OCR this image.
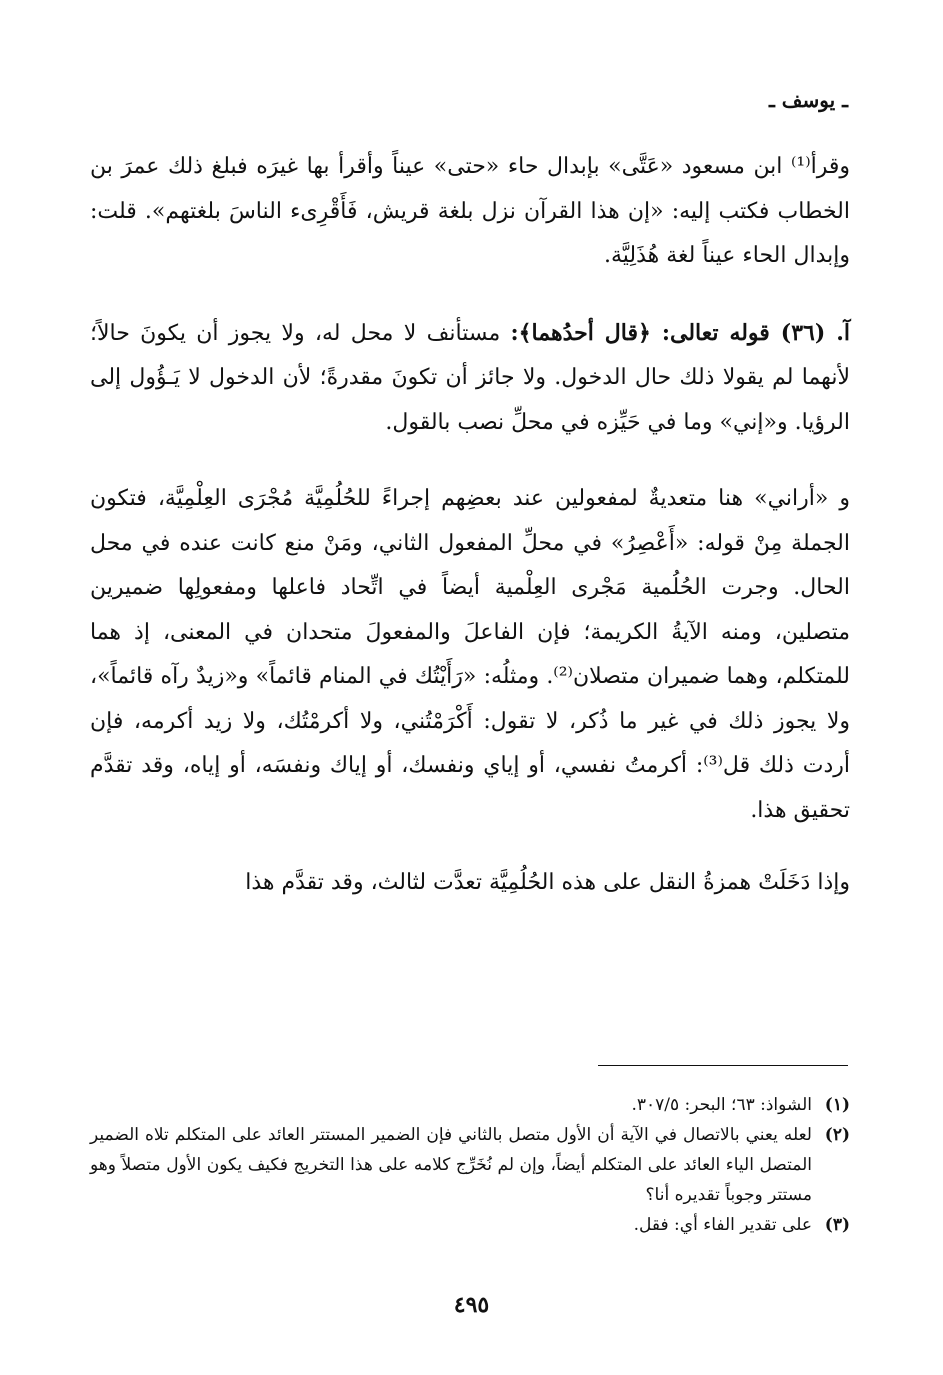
ـ يوسف ـ

وقرأ⁽¹⁾ ابن مسعود «عَتَّى» بإبدال حاء «حتى» عيناً وأقرأ بها غيرَه فبلغ ذلك عمرَ بن الخطاب فكتب إليه: «إن هذا القرآن نزل بلغة قريش، فَأَقْرِىء الناسَ بلغتهم». قلت: وإبدال الحاء عيناً لغة هُذَلِيَّة.

آ. (٣٦) قوله تعالى: ﴿قال أحدُهما﴾: مستأنف لا محل له، ولا يجوز أن يكونَ حالاً؛ لأنهما لم يقولا ذلك حال الدخول. ولا جائز أن تكونَ مقدرةً؛ لأن الدخول لا يَـؤُول إلى الرؤيا. و«إني» وما في حَيِّزه في محلِّ نصب بالقول.

و «أراني» هنا متعديةٌ لمفعولين عند بعضِهم إجراءً للحُلُمِيَّة مُجْرَى العِلْمِيَّة، فتكون الجملة مِنْ قوله: «أَعْصِرُ» في محلِّ المفعول الثاني، ومَنْ منع كانت عنده في محل الحال. وجرت الحُلُمية مَجْرى العِلْمية أيضاً في اتِّحاد فاعلها ومفعولِها ضميرين متصلين، ومنه الآيةُ الكريمة؛ فإن الفاعلَ والمفعولَ متحدان في المعنى، إذ هما للمتكلم، وهما ضميران متصلان⁽²⁾. ومثلُه: «رَأَيْتُك في المنام قائماً» و«زيدٌ رآه قائماً»، ولا يجوز ذلك في غير ما ذُكر، لا تقول: أَكْرَمْتُني، ولا أكرمْتُك، ولا زيد أكرمه، فإن أردت ذلك قل⁽³⁾: أكرمتُ نفسي، أو إياي ونفسك، أو إياك ونفسَه، أو إياه، وقد تقدَّم تحقيق هذا.

وإذا دَخَلَتْ همزةُ النقل على هذه الحُلُمِيَّة تعدَّت لثالث، وقد تقدَّم هذا

(١)
الشواذ: ٦٣؛ البحر: ٣٠٧/٥.
(٢)
لعله يعني بالاتصال في الآية أن الأول متصل بالثاني فإن الضمير المستتر العائد على المتكلم تلاه الضمير المتصل الياء العائد على المتكلم أيضاً، وإن لم نُخَرِّج كلامه على هذا التخريج فكيف يكون الأول متصلاً وهو مستتر وجوباً تقديره أنا؟
(٣)
على تقدير الفاء أي: فقل.
٤٩٥
